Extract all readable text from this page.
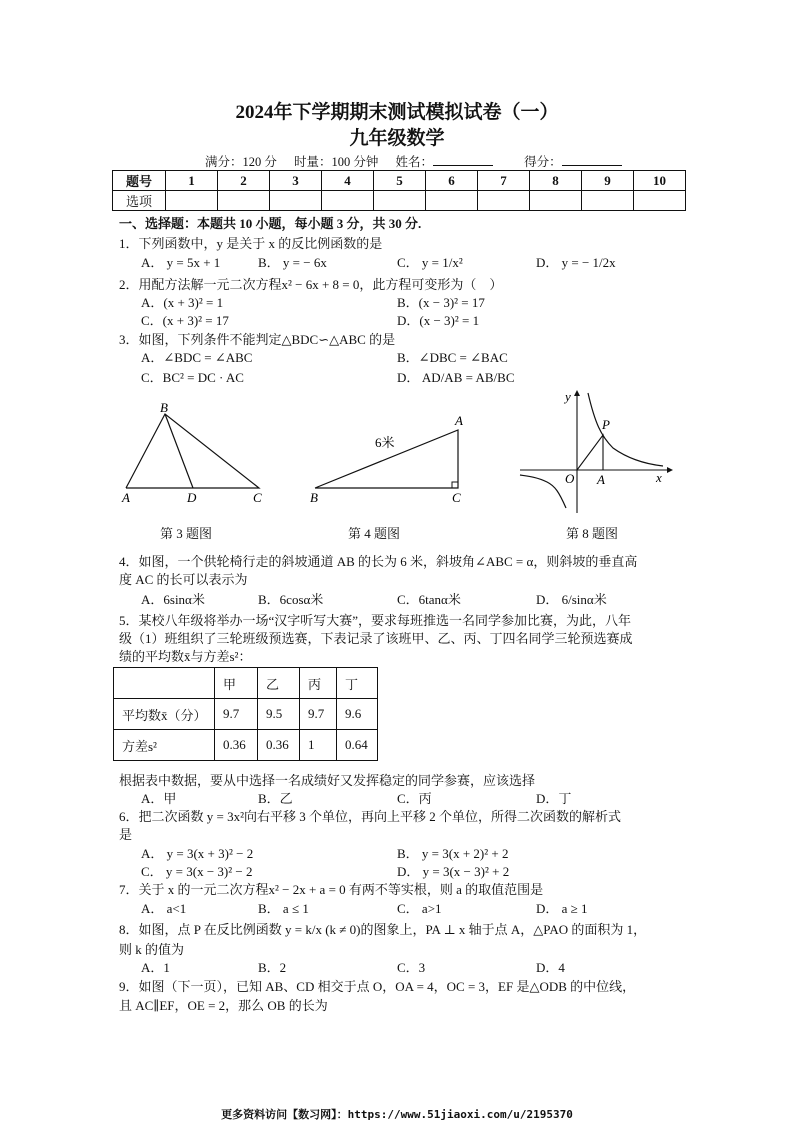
2024年下学期期末测试模拟试卷（一）
九年级数学
满分：120 分 时量：100 分钟 姓名：	得分：
题号	1	2	3	4	5	6	7	8	9	10
选项										
一、选择题：本题共 10 小题，每小题 3 分，共 30 分.
1．下列函数中，y 是关于 x 的反比例函数的是
A． y = 5x + 1	B． y = − 6x	C． y = 1/x²	D． y = − 1/2x
2．用配方法解一元二次方程x² − 6x + 8 = 0，此方程可变形为（　）
A．(x + 3)² = 1	B．(x − 3)² = 17
C．(x + 3)² = 17	D．(x − 3)² = 1
3．如图，下列条件不能判定△BDC∽△ABC 的是
A．∠BDC = ∠ABC	B．∠DBC = ∠BAC
C．BC² = DC · AC	D． AD/AB = AB/BC
B
A	D	C
第 3 题图
A
B	C
6米
第 4 题图
y
P
O A	x
第 8 题图
4．如图，一个供轮椅行走的斜坡通道 AB 的长为 6 米，斜坡角∠ABC = α，则斜坡的垂直高
度 AC 的长可以表示为
A．6sinα米	B．6cosα米	C．6tanα米	D． 6/sinα米
5．某校八年级将举办一场“汉字听写大赛”，要求每班推选一名同学参加比赛，为此，八年
级（1）班组织了三轮班级预选赛，下表记录了该班甲、乙、丙、丁四名同学三轮预选赛成
绩的平均数x̄与方差s²：
	甲	乙	丙	丁
平均数x̄（分）	9.7	9.5	9.7	9.6
方差s²	0.36	0.36	1	0.64
根据表中数据，要从中选择一名成绩好又发挥稳定的同学参赛，应该选择
A．甲	B．乙	C．丙	D．丁
6．把二次函数 y = 3x²向右平移 3 个单位，再向上平移 2 个单位，所得二次函数的解析式
是
A． y = 3(x + 3)² − 2	B． y = 3(x + 2)² + 2
C． y = 3(x − 3)² − 2	D． y = 3(x − 3)² + 2
7．关于 x 的一元二次方程x² − 2x + a = 0 有两不等实根，则 a 的取值范围是
A． a<1	B． a ≤ 1	C． a>1	D． a ≥ 1
8．如图，点 P 在反比例函数 y = k/x (k ≠ 0)的图象上，PA ⊥ x 轴于点 A，△PAO 的面积为 1，
则 k 的值为
A．1	B．2	C．3	D．4
9．如图（下一页），已知 AB、CD 相交于点 O，OA = 4，OC = 3，EF 是△ODB 的中位线，
且 AC∥EF，OE = 2，那么 OB 的长为
更多资料访问【数习网】：https://www.51jiaoxi.com/u/2195370
